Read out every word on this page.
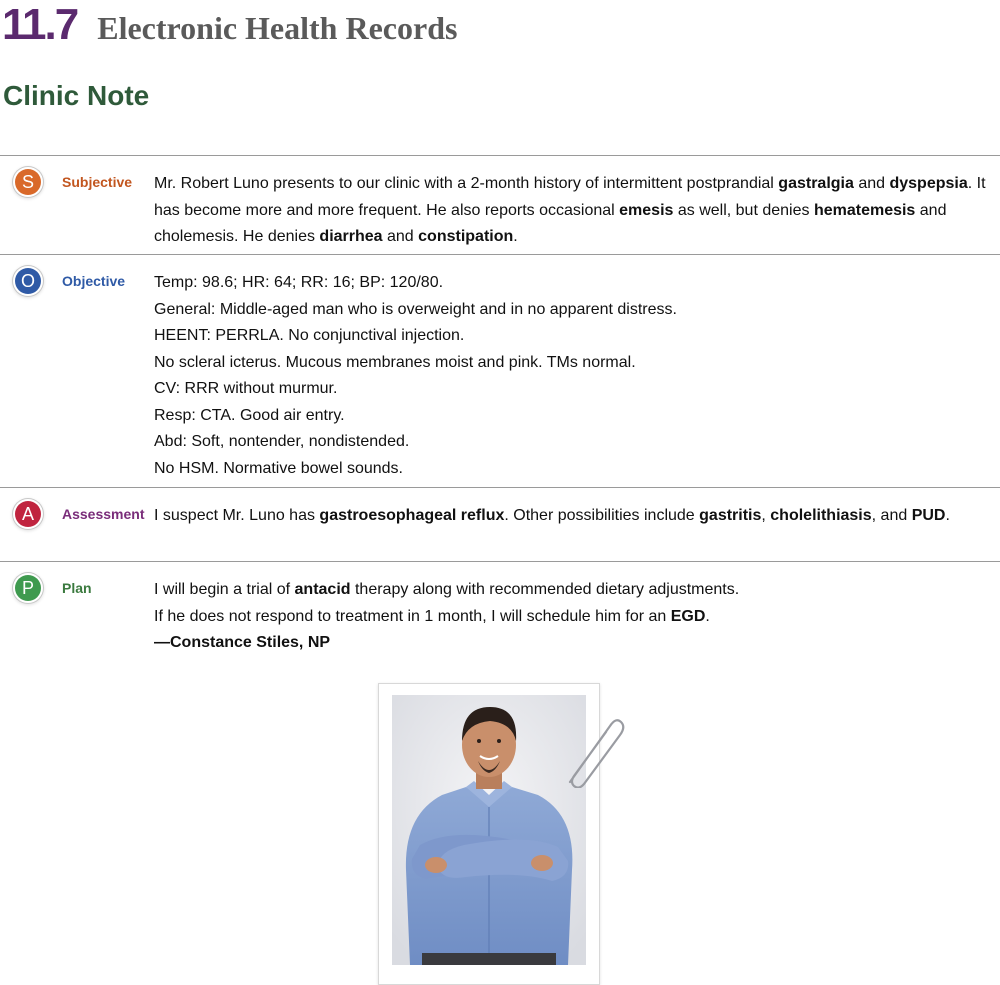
11.7 Electronic Health Records
Clinic Note
S	Subjective Mr. Robert Luno presents to our clinic with a 2-month history of intermittent postprandial gastralgia and dyspepsia. It has become more and more frequent. He also reports occasional emesis as well, but denies hematemesis and cholemesis. He denies diarrhea and constipation.
O	Objective Temp: 98.6; HR: 64; RR: 16; BP: 120/80.
General: Middle-aged man who is overweight and in no apparent distress.
HEENT: PERRLA. No conjunctival injection.
No scleral icterus. Mucous membranes moist and pink. TMs normal.
CV: RRR without murmur.
Resp: CTA. Good air entry.
Abd: Soft, nontender, nondistended.
No HSM. Normative bowel sounds.
A	Assessment I suspect Mr. Luno has gastroesophageal reflux. Other possibilities include gastritis, cholelithiasis, and PUD.
P	Plan	I will begin a trial of antacid therapy along with recommended dietary adjustments.
If he does not respond to treatment in 1 month, I will schedule him for an EGD.
—Constance Stiles, NP
